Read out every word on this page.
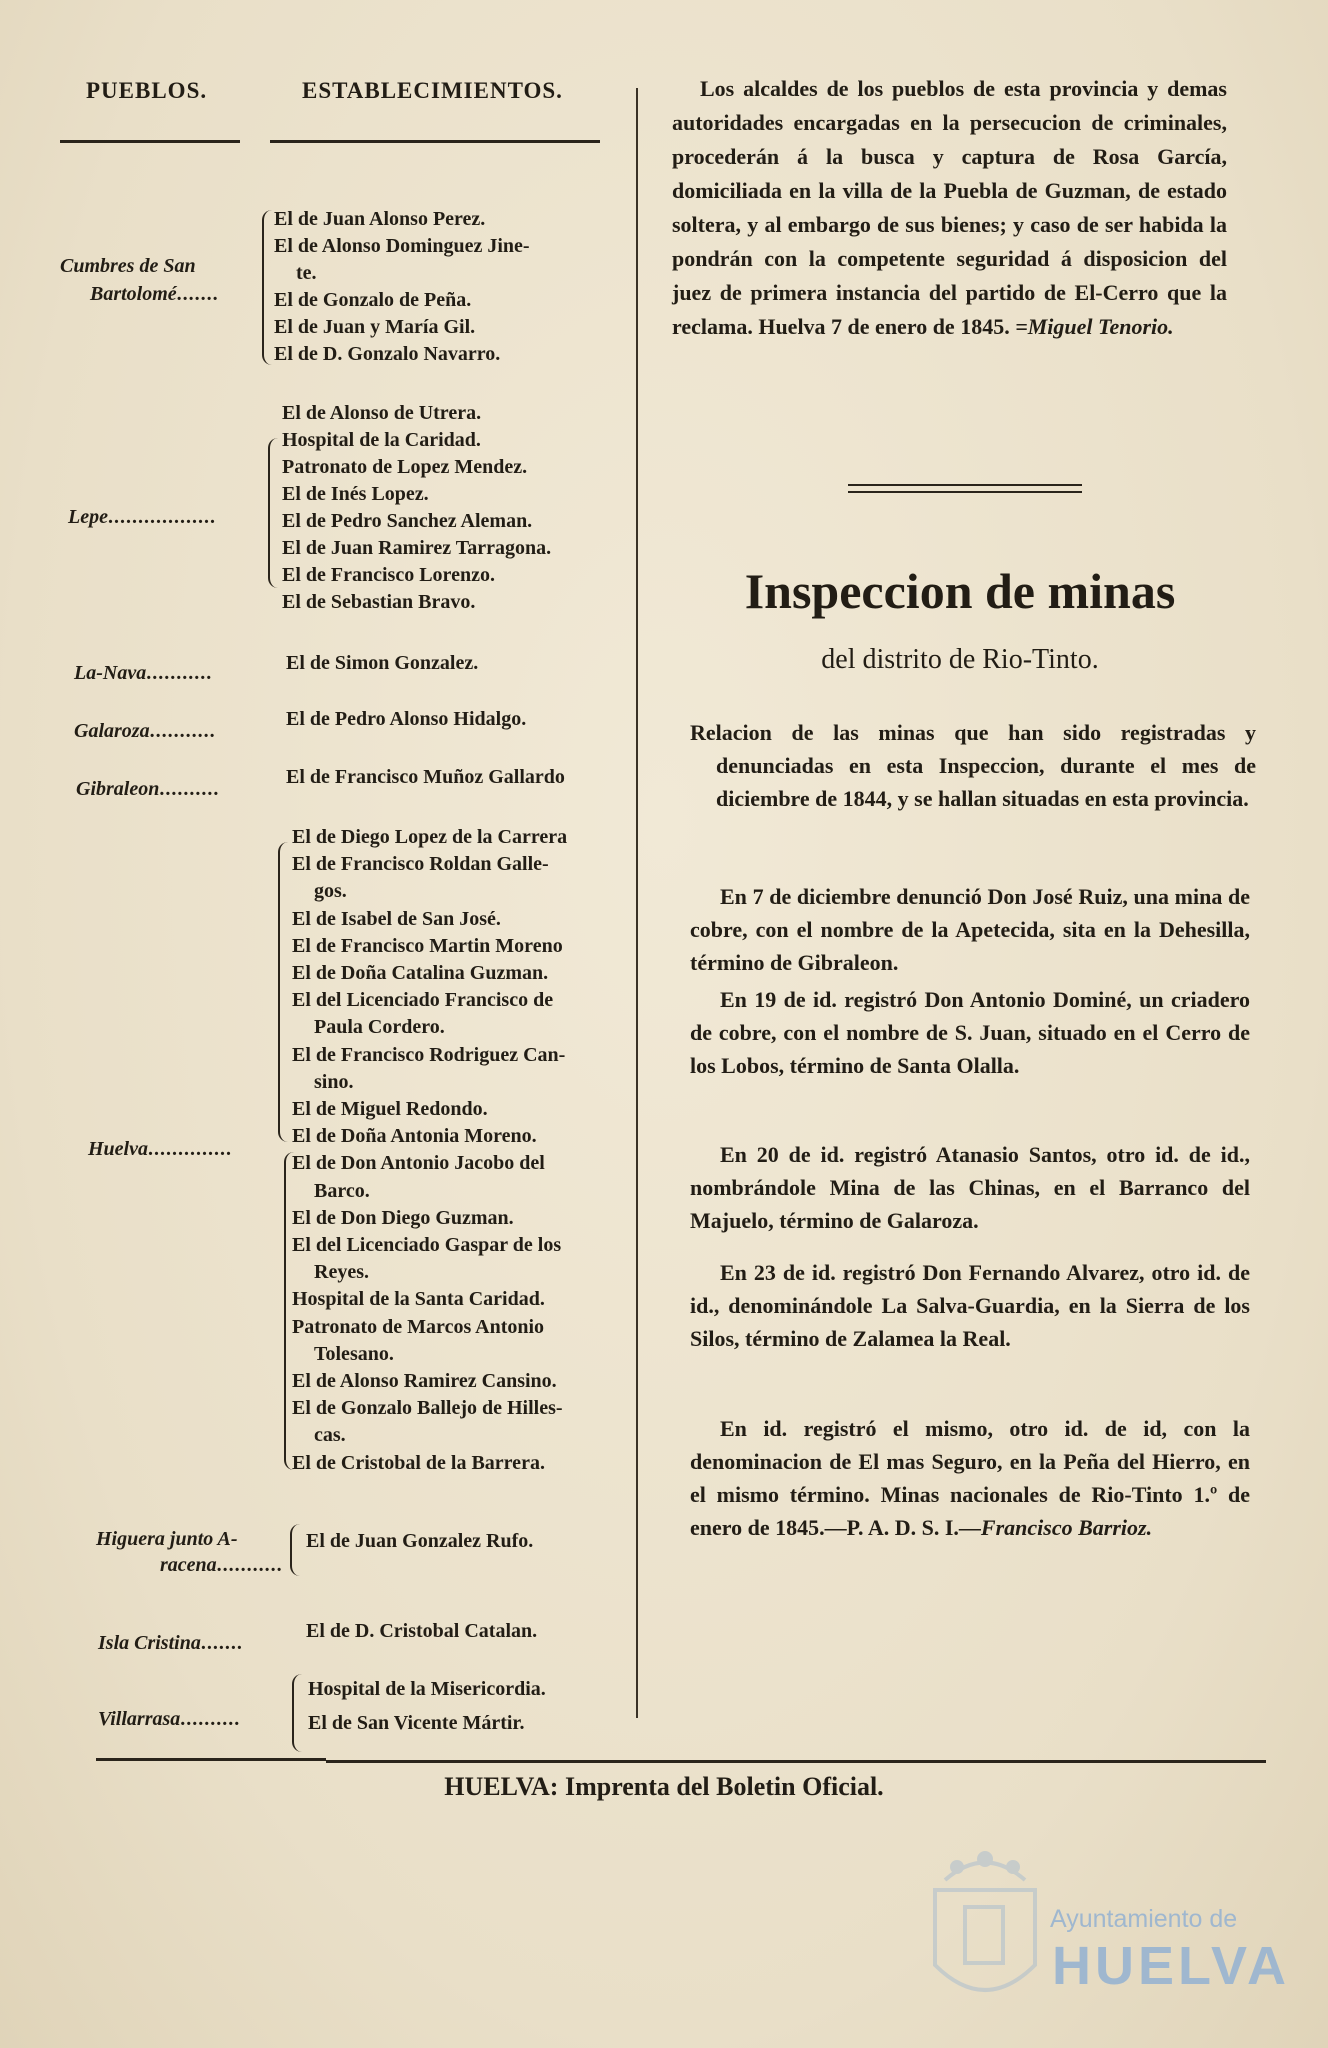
PUEBLOS.	ESTABLECIMIENTOS.
Cumbres de San
Bartolomé.......
El de Juan Alonso Perez.
El de Alonso Dominguez Jine-
te.
El de Gonzalo de Peña.
El de Juan y María Gil.
El de D. Gonzalo Navarro.
Lepe..................
El de Alonso de Utrera.
Hospital de la Caridad.
Patronato de Lopez Mendez.
El de Inés Lopez.
El de Pedro Sanchez Aleman.
El de Juan Ramirez Tarragona.
El de Francisco Lorenzo.
El de Sebastian Bravo.
La-Nava...........	El de Simon Gonzalez.
Galaroza...........
El de Pedro Alonso Hidalgo.
Gibraleon..........
El de Francisco Muñoz Gallardo
Huelva..............
El de Diego Lopez de la Carrera
El de Francisco Roldan Galle-
gos.
El de Isabel de San José.
El de Francisco Martin Moreno
El de Doña Catalina Guzman.
El del Licenciado Francisco de
Paula Cordero.
El de Francisco Rodriguez Can-
sino.
El de Miguel Redondo.
El de Doña Antonia Moreno.
El de Don Antonio Jacobo del
Barco.
El de Don Diego Guzman.
El del Licenciado Gaspar de los
Reyes.
Hospital de la Santa Caridad.
Patronato de Marcos Antonio
Tolesano.
El de Alonso Ramirez Cansino.
El de Gonzalo Ballejo de Hilles-
cas.
El de Cristobal de la Barrera.
Higuera junto A-
racena...........
El de Juan Gonzalez Rufo.
Isla Cristina.......
El de D. Cristobal Catalan.
Villarrasa..........
Hospital de la Misericordia.
El de San Vicente Mártir.
Los alcaldes de los pueblos de esta provincia y demas autoridades encargadas en la persecucion de criminales, procederán á la busca y captura de Rosa García, domiciliada en la villa de la Puebla de Guzman, de estado soltera, y al embargo de sus bienes; y caso de ser habida la pondrán con la competente seguridad á disposicion del juez de primera instancia del partido de El-Cerro que la reclama. Huelva 7 de enero de 1845. =Miguel Tenorio.
Inspeccion de minas
del distrito de Rio-Tinto.
Relacion de las minas que han sido registradas y denunciadas en esta Inspeccion, durante el mes de diciembre de 1844, y se hallan situadas en esta provincia.
En 7 de diciembre denunció Don José Ruiz, una mina de cobre, con el nombre de la Apetecida, sita en la Dehesilla, término de Gibraleon.
En 19 de id. registró Don Antonio Dominé, un criadero de cobre, con el nombre de S. Juan, situado en el Cerro de los Lobos, término de Santa Olalla.
En 20 de id. registró Atanasio Santos, otro id. de id., nombrándole Mina de las Chinas, en el Barranco del Majuelo, término de Galaroza.
En 23 de id. registró Don Fernando Alvarez, otro id. de id., denominándole La Salva-Guardia, en la Sierra de los Silos, término de Zalamea la Real.
En id. registró el mismo, otro id. de id, con la denominacion de El mas Seguro, en la Peña del Hierro, en el mismo término. Minas nacionales de Rio-Tinto 1.º de enero de 1845.—P. A. D. S. I.—Francisco Barrioz.
HUELVA: Imprenta del Boletin Oficial.
Ayuntamiento de
HUELVA
